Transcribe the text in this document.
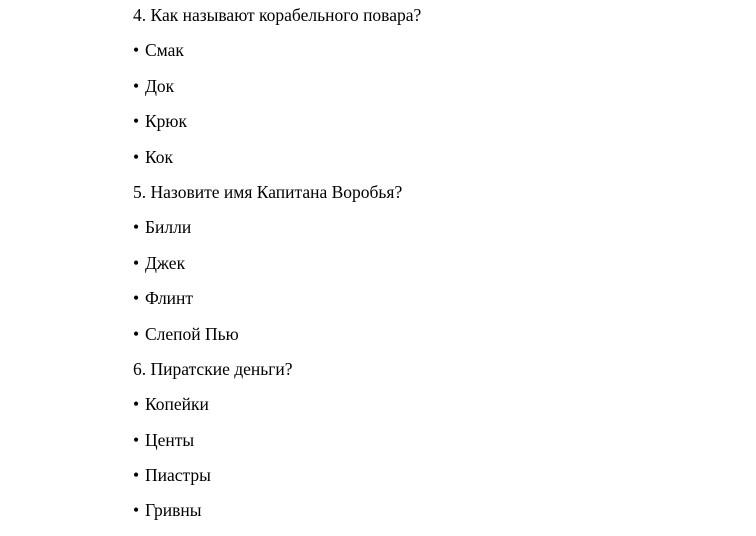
4. Как называют корабельного повара?
• Смак
• Док
• Крюк
• Кок
5. Назовите имя Капитана Воробья?
• Билли
• Джек
• Флинт
• Слепой Пью
6. Пиратские деньги?
• Копейки
• Центы
• Пиастры
• Гривны
